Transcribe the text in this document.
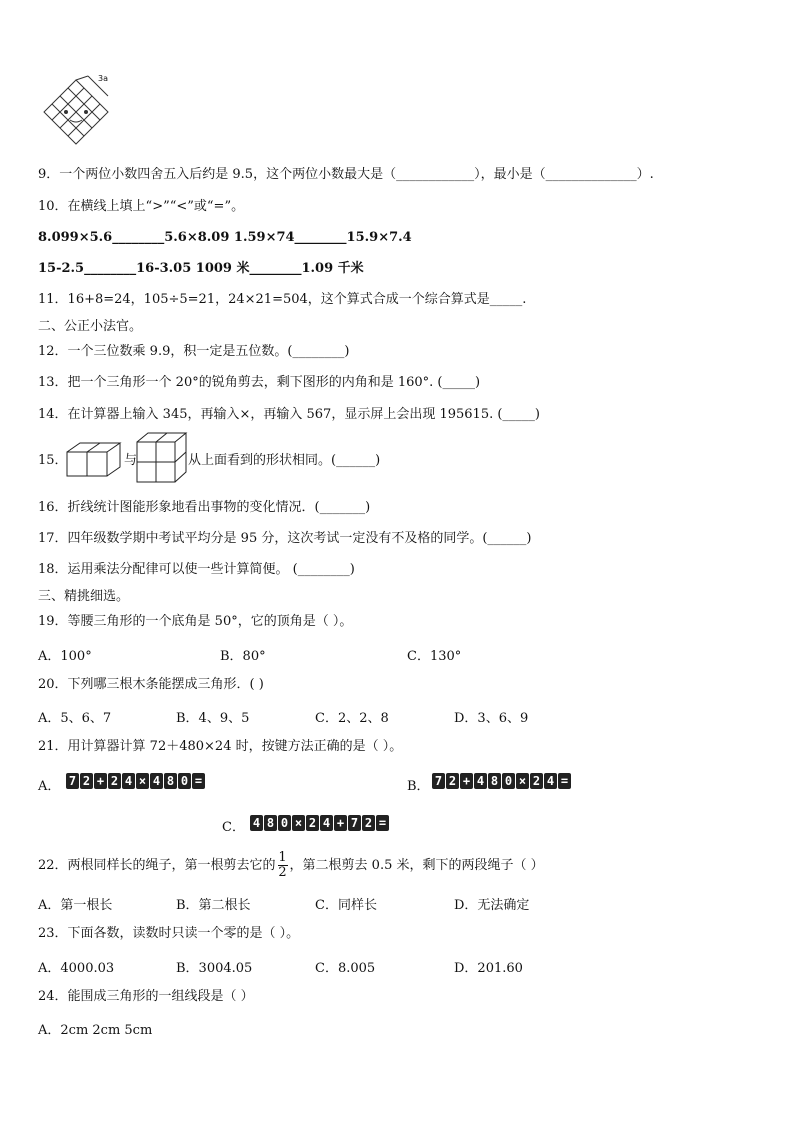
3a
9．一个两位小数四舍五入后约是 9.5，这个两位小数最大是（____________），最小是（______________）.
10．在横线上填上“>”“<”或“=”。
8.099×5.6________5.6×8.09 1.59×74________15.9×7.4
15-2.5________16-3.05 1009 米________1.09 千米
11．16+8=24，105÷5=21，24×21=504，这个算式合成一个综合算式是_____.
二、公正小法官。
12．一个三位数乘 9.9，积一定是五位数。(________)
13．把一个三角形一个 20°的锐角剪去，剩下图形的内角和是 160°. (_____)
14．在计算器上输入 345，再输入×，再输入 567，显示屏上会出现 195615. (_____)
15．	与	从上面看到的形状相同。(______)
16．折线统计图能形象地看出事物的变化情况．(_______)
17．四年级数学期中考试平均分是 95 分，这次考试一定没有不及格的同学。(______)
18．运用乘法分配律可以使一些计算简便。 (________)
三、精挑细选。
19．等腰三角形的一个底角是 50°，它的顶角是（ ）。
A．100°	B．80°	C．130°
20．下列哪三根木条能摆成三角形．( )
A．5、6、7	B．4、9、5	C．2、2、8	D．3、6、9
21．用计算器计算 72＋480×24 时，按键方法正确的是（ ）。
A． 7 2 + 2 4 × 4 8 0 =	B． 7 2 + 4 8 0 × 2 4 =
C． 4 8 0 × 2 4 + 7 2 =
22．两根同样长的绳子，第一根剪去它的 $\frac{1}{2}$ ，第二根剪去 0.5 米，剩下的两段绳子（ ）
A．第一根长	B．第二根长	C．同样长	D．无法确定
23．下面各数，读数时只读一个零的是（ ）。
A．4000.03	B．3004.05	C．8.005	D．201.60
24．能围成三角形的一组线段是（ ）
A．2cm 2cm 5cm
